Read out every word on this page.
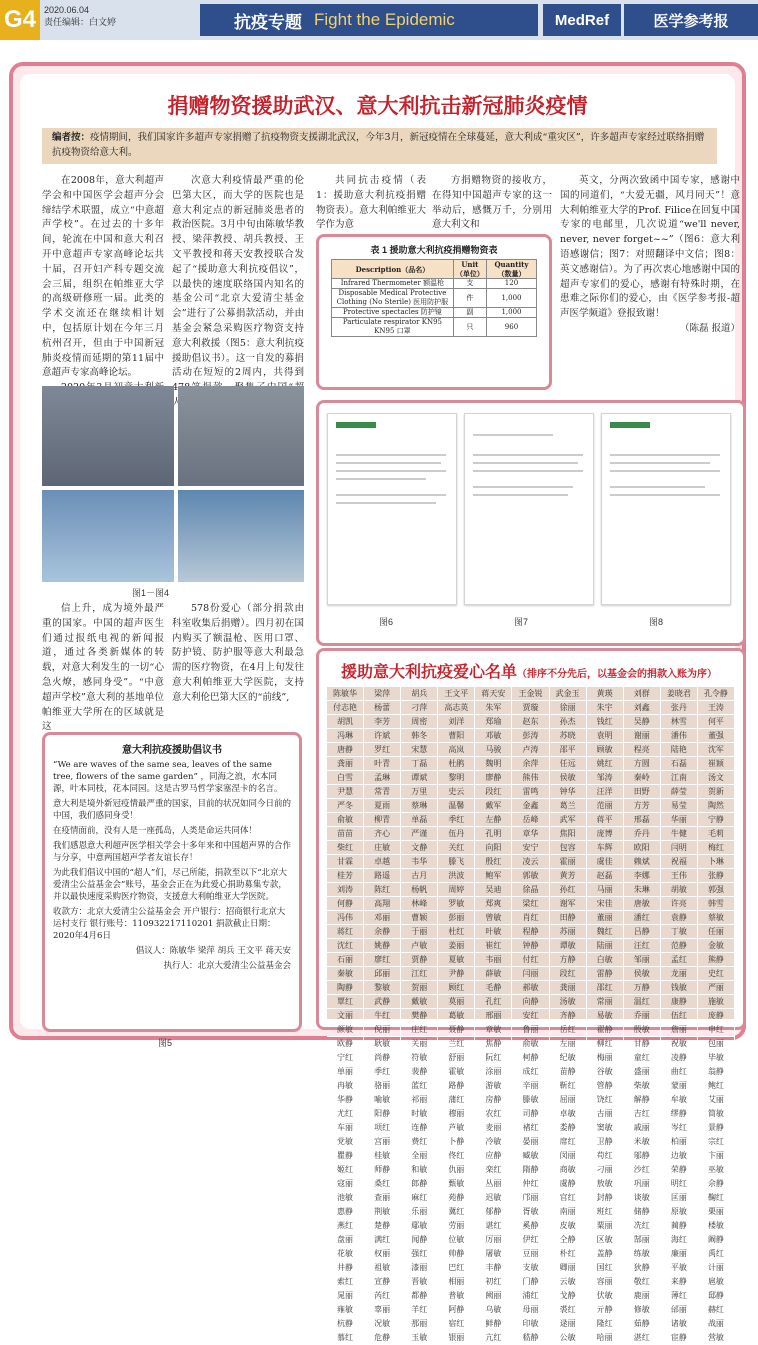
G4 2020.06.04
责任编辑：白文婷	抗疫专题 Fight the Epidemic	MedRef	医学参考报
捐赠物资援助武汉、意大利抗击新冠肺炎疫情
编者按：疫情期间，我们国家许多超声专家捐赠了抗疫物资支援湖北武汉，今年3月，新冠疫情在全球蔓延，意大利成“重灾区”，许多超声专家经过联络捐赠抗疫物资给意大利。

在2008年，意大利超声学会和中国医学会超声分会缔结学术联盟，成立“中意超声学校”。在过去的十多年间，轮流在中国和意大利召开中意超声专家高峰论坛共十届，召开妇产科专题交流会三届，组织在帕维亚大学的高级研修班一届。此类的学术交流还在继续相计划中，包括原计划在今年三月杭州召开，但由于中国新冠肺炎疫情而延期的第11届中意超声专家高峰论坛。

次意大利疫情最严重的伦巴第大区，而大学的医院也是意大利定点的新冠肺炎患者的救治医院。3月中旬由陈敏华教授、梁萍教授、胡兵教授、王文平教授和蒋天安教授联合发起了“援助意大利抗疫倡议”，以最快的速度联络国内知名的基金公司“北京大爱清尘基金会”进行了公募捐款活动，并由基金会紧急采购医疗物资支持意大利救援（图5：意大利抗疫援助倡议书）。这一自发的募捐活动在短短的2周内，共得到4 人

共同抗击疫情（表1：援助意大利抗疫捐赠物资表）。意大利帕维亚大学作为意

方捐赠物资的接收方，在得知中国超声专家的这一举动后，感慨万千，分别用意大利文和

英文，分两次致函中国专家，感谢中国的同道们，“大爱无疆，风月同天”！意大利帕维亚大学的Prof. Filice在回复中国专家的电邮里，几次说道“we'll never, never, never forget~~”（图6：意大利语感谢信；图7：对照翻译中文信；图8：英文感谢信）。为了再次衷心地感谢中国的超声专家们的爱心，感谢有特殊时期，在患难之际你们的爱心，由《医学参考报-超声医学频道》登报致谢！

（陈磊 报道）
表 1 援助意大利抗疫捐赠物资表
Description（品名）	Unit（单位）	Quantity（数量）
Infrared Thermometer 额温枪	支	120
Disposable Medical Protective Clothing (No Sterile) 医用防护服	件	1,000
Protective spectacles 防护镜	副	1,000
Particulate respirator KN95 KN95 口罩	只	960
图1－图4

信上升，成为境外最严重的国家。中国的超声医生们通过报纸电视的新闻报道，通过各类新媒体的转载，对意大利发生的一切“心急火燎，感同身受”。“中意超声学校”意大利的基地单位帕维亚大学所在的区域就是这

578份爱心（部分捐款由科室收集后捐赠）。四月初在国内购买了额温枪、医用口罩、防护镜、防护服等意大利最急需的医疗物资，在4月上旬发往意大利帕维亚大学医院，支持意大利伦巴第大区的“前线”,

图6	图7	图8
意大利抗疫援助倡议书

“We are waves of the same sea, leaves of the same tree, flowers of the same garden” ，同海之浪，水本同源，叶本同枝，花本同园。这是古罗马哲学家塞涅卡的名言。

意大利是境外新冠疫情最严重的国家，目前的状况如同今日前的中国，我们感同身受！

在疫情面前，没有人是一座孤岛，人类是命运共同体！

我们感恩意大利超声医学相关学会十多年来和中国超声界的合作与分享，中意两国超声学者友谊长存！

为此我们倡议中国的“超人”们，尽己所能，捐款至以下“北京大爱清尘公益基金会”账号，基金会正在为此爱心捐助募集专款，并以最快速度采购医疗物资，支援意大利帕维亚大学医院。

收款方：北京大爱清尘公益基金会 开户银行：招商银行北京大运村支行 银行账号：110932217110201 捐款截止日期：2020年4月6日

倡议人：陈敏华 梁萍 胡兵 王文平 蒋天安

执行人：北京大爱清尘公益基金会

图5
援助意大利抗疫爱心名单（排序不分先后，以基金会的捐款入账为序）
陈敏华	梁萍	胡兵	王文平	蒋天安	王金锐	武金玉	黄瑛	刘群	姜晓君	孔令静
付志艳	杨蕾	刁萍	高志英	朱军	贾璇	徐丽	朱宇	刘鑫	张丹	王涛
胡凯	李芳	周密	刘洋	郑瑜	赵东	孙杰	钱红	吴静	林雪	何平
冯琳	许斌	韩冬	曹阳	邓敏	彭涛	苏晓	袁明	谢丽	潘伟	董强
唐静	罗红	宋慧	高岚	马骏	卢涛	邵平	顾敏	程亮	陆艳	沈军
龚丽	叶青	丁磊	杜鹃	魏明	余萍	任远	姚红	方圆	石磊	崔颖
白雪	孟琳	谭斌	黎明	廖静	熊伟	侯敏	邹涛	秦岭	江南	汤文
尹慧	常青	万里	史云	段红	雷鸣	钟华	汪洋	田野	薛莹	贺新
严冬	夏雨	蔡琳	温馨	戴军	金鑫	葛兰	范丽	方芳	易莹	陶然
俞敏	柳青	单磊	季红	左静	岳峰	武军	蒋平	邢磊	华丽	宁静
苗苗	齐心	严谨	伍丹	孔明	章华	焦阳	庞博	乔丹	牛健	毛莉
柴红	庄敏	文静	关红	向阳	安宁	包容	车辉	欧阳	闫明	梅红
甘霖	卓越	韦华	滕飞	殷红	凌云	霍丽	虞佳	赖斌	祝福	卜琳
桂芳	路遥	古月	洪波	鲍军	郭敏	黄芳	赵磊	李娜	王伟	张静
刘涛	陈红	杨帆	周婷	吴迪	徐晶	孙红	马丽	朱琳	胡敏	郭强
何静	高翔	林峰	罗敏	郑爽	梁红	谢军	宋佳	唐敏	许亮	韩雪
冯伟	邓丽	曹颖	彭丽	曾敏	肖红	田静	董丽	潘红	袁静	蔡敏
蒋红	余静	于丽	杜红	叶敏	程静	苏丽	魏红	吕静	丁敏	任丽
沈红	姚静	卢敏	姜丽	崔红	钟静	谭敏	陆丽	汪红	范静	金敏
石丽	廖红	贾静	夏敏	韦丽	付红	方静	白敏	邹丽	孟红	熊静
秦敏	邱丽	江红	尹静	薛敏	闫丽	段红	雷静	侯敏	龙丽	史红
陶静	黎敏	贺丽	顾红	毛静	郝敏	龚丽	邵红	万静	钱敏	严丽
覃红	武静	戴敏	莫丽	孔红	向静	汤敏	常丽	温红	康静	施敏
文丽	牛红	樊静	葛敏	邢丽	安红	齐静	易敏	乔丽	伍红	庞静
颜敏	倪丽	庄红	聂静	章敏	鲁丽	岳红	翟静	殷敏	詹丽	申红
欧静	耿敏	关丽	兰红	焦静	俞敏	左丽	柳红	甘静	祝敏	包丽
宁红	尚静	符敏	舒丽	阮红	柯静	纪敏	梅丽	童红	凌静	毕敏
单丽	季红	裴静	霍敏	涂丽	成红	苗静	谷敏	盛丽	曲红	翁静
冉敏	骆丽	蓝红	路静	游敏	辛丽	靳红	管静	柴敏	蒙丽	鲍红
华静	喻敏	祁丽	蒲红	房静	滕敏	屈丽	饶红	解静	牟敏	艾丽
尤红	阳静	时敏	穆丽	农红	司静	卓敏	古丽	吉红	缪静	简敏
车丽	项红	连静	芦敏	麦丽	褚红	娄静	窦敏	戚丽	岑红	景静
党敏	宫丽	费红	卜静	冷敏	晏丽	席红	卫静	米敏	柏丽	宗红
瞿静	桂敏	全丽	佟红	应静	臧敏	闵丽	苟红	邬静	边敏	卞丽
姬红	师静	和敏	仇丽	栾红	隋静	商敏	刁丽	沙红	荣静	巫敏
寇丽	桑红	郎静	甄敏	丛丽	仲红	虞静	敖敏	巩丽	明红	佘静
池敏	查丽	麻红	苑静	迟敏	邝丽	官红	封静	谈敏	匡丽	鞠红
惠静	荆敏	乐丽	冀红	郁静	胥敏	南丽	班红	储静	原敏	栗丽
燕红	楚静	鄢敏	劳丽	谌红	奚静	皮敏	粟丽	冼红	蔺静	楼敏
盘丽	满红	闻静	位敏	厉丽	伊红	仝静	区敏	郜丽	海红	阚静
花敏	权丽	强红	帅静	屠敏	豆丽	朴红	盖静	练敏	廉丽	禹红
井静	祖敏	漆丽	巴红	丰静	支敏	卿丽	国红	狄静	平敏	计丽
索红	宣静	晋敏	相丽	初红	门静	云敏	容丽	敬红	来静	扈敏
晁丽	芮红	都静	普敏	阙丽	浦红	戈静	伏敏	鹿丽	薄红	邸静
雍敏	辜丽	羊红	阿静	乌敏	母丽	裘红	亓静	修敏	邰丽	赫红
杭静	况敏	那丽	宿红	鲜静	印敏	逯丽	隆红	茹静	诸敏	战丽
慕红	危静	玉敏	银丽	亢红	嵇静	公敏	哈丽	湛红	宦静	营敏
